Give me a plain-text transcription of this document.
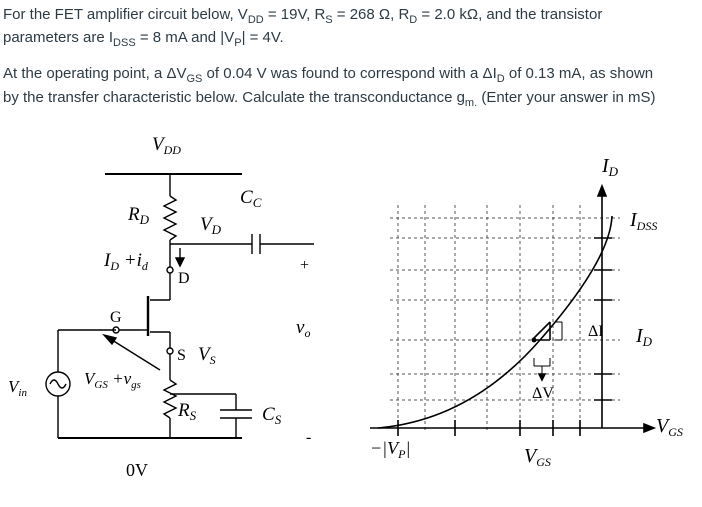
For the FET amplifier circuit below, $V_{DD} = 19V$, $R_S = 268$ Ω, $R_D = 2.0$ kΩ, and the transistor
parameters are $I_{DSS} = 8$ mA and $|V_P| = 4V$.
At the operating point, a $\Delta V_{GS}$ of 0.04 V was found to correspond with a $\Delta I_D$ of 0.13 mA, as shown
by the transfer characteristic below. Calculate the transconductance $g_{m.}$ (Enter your answer in mS)
$V_{DD}$
$R_D$	$V_D$
$C_C$
$I_D +i_d$
D
G
+
$v_o$
S $V_S$
$V_{GS} +v_{gs}$
$V_{in}$
$R_S$	$C_S$
-
0V
$I_D$
$I_{DSS}$
ΔI $I_D$
ΔV
$V_{GS}$
$-|V_P|$	$V_{GS}$
